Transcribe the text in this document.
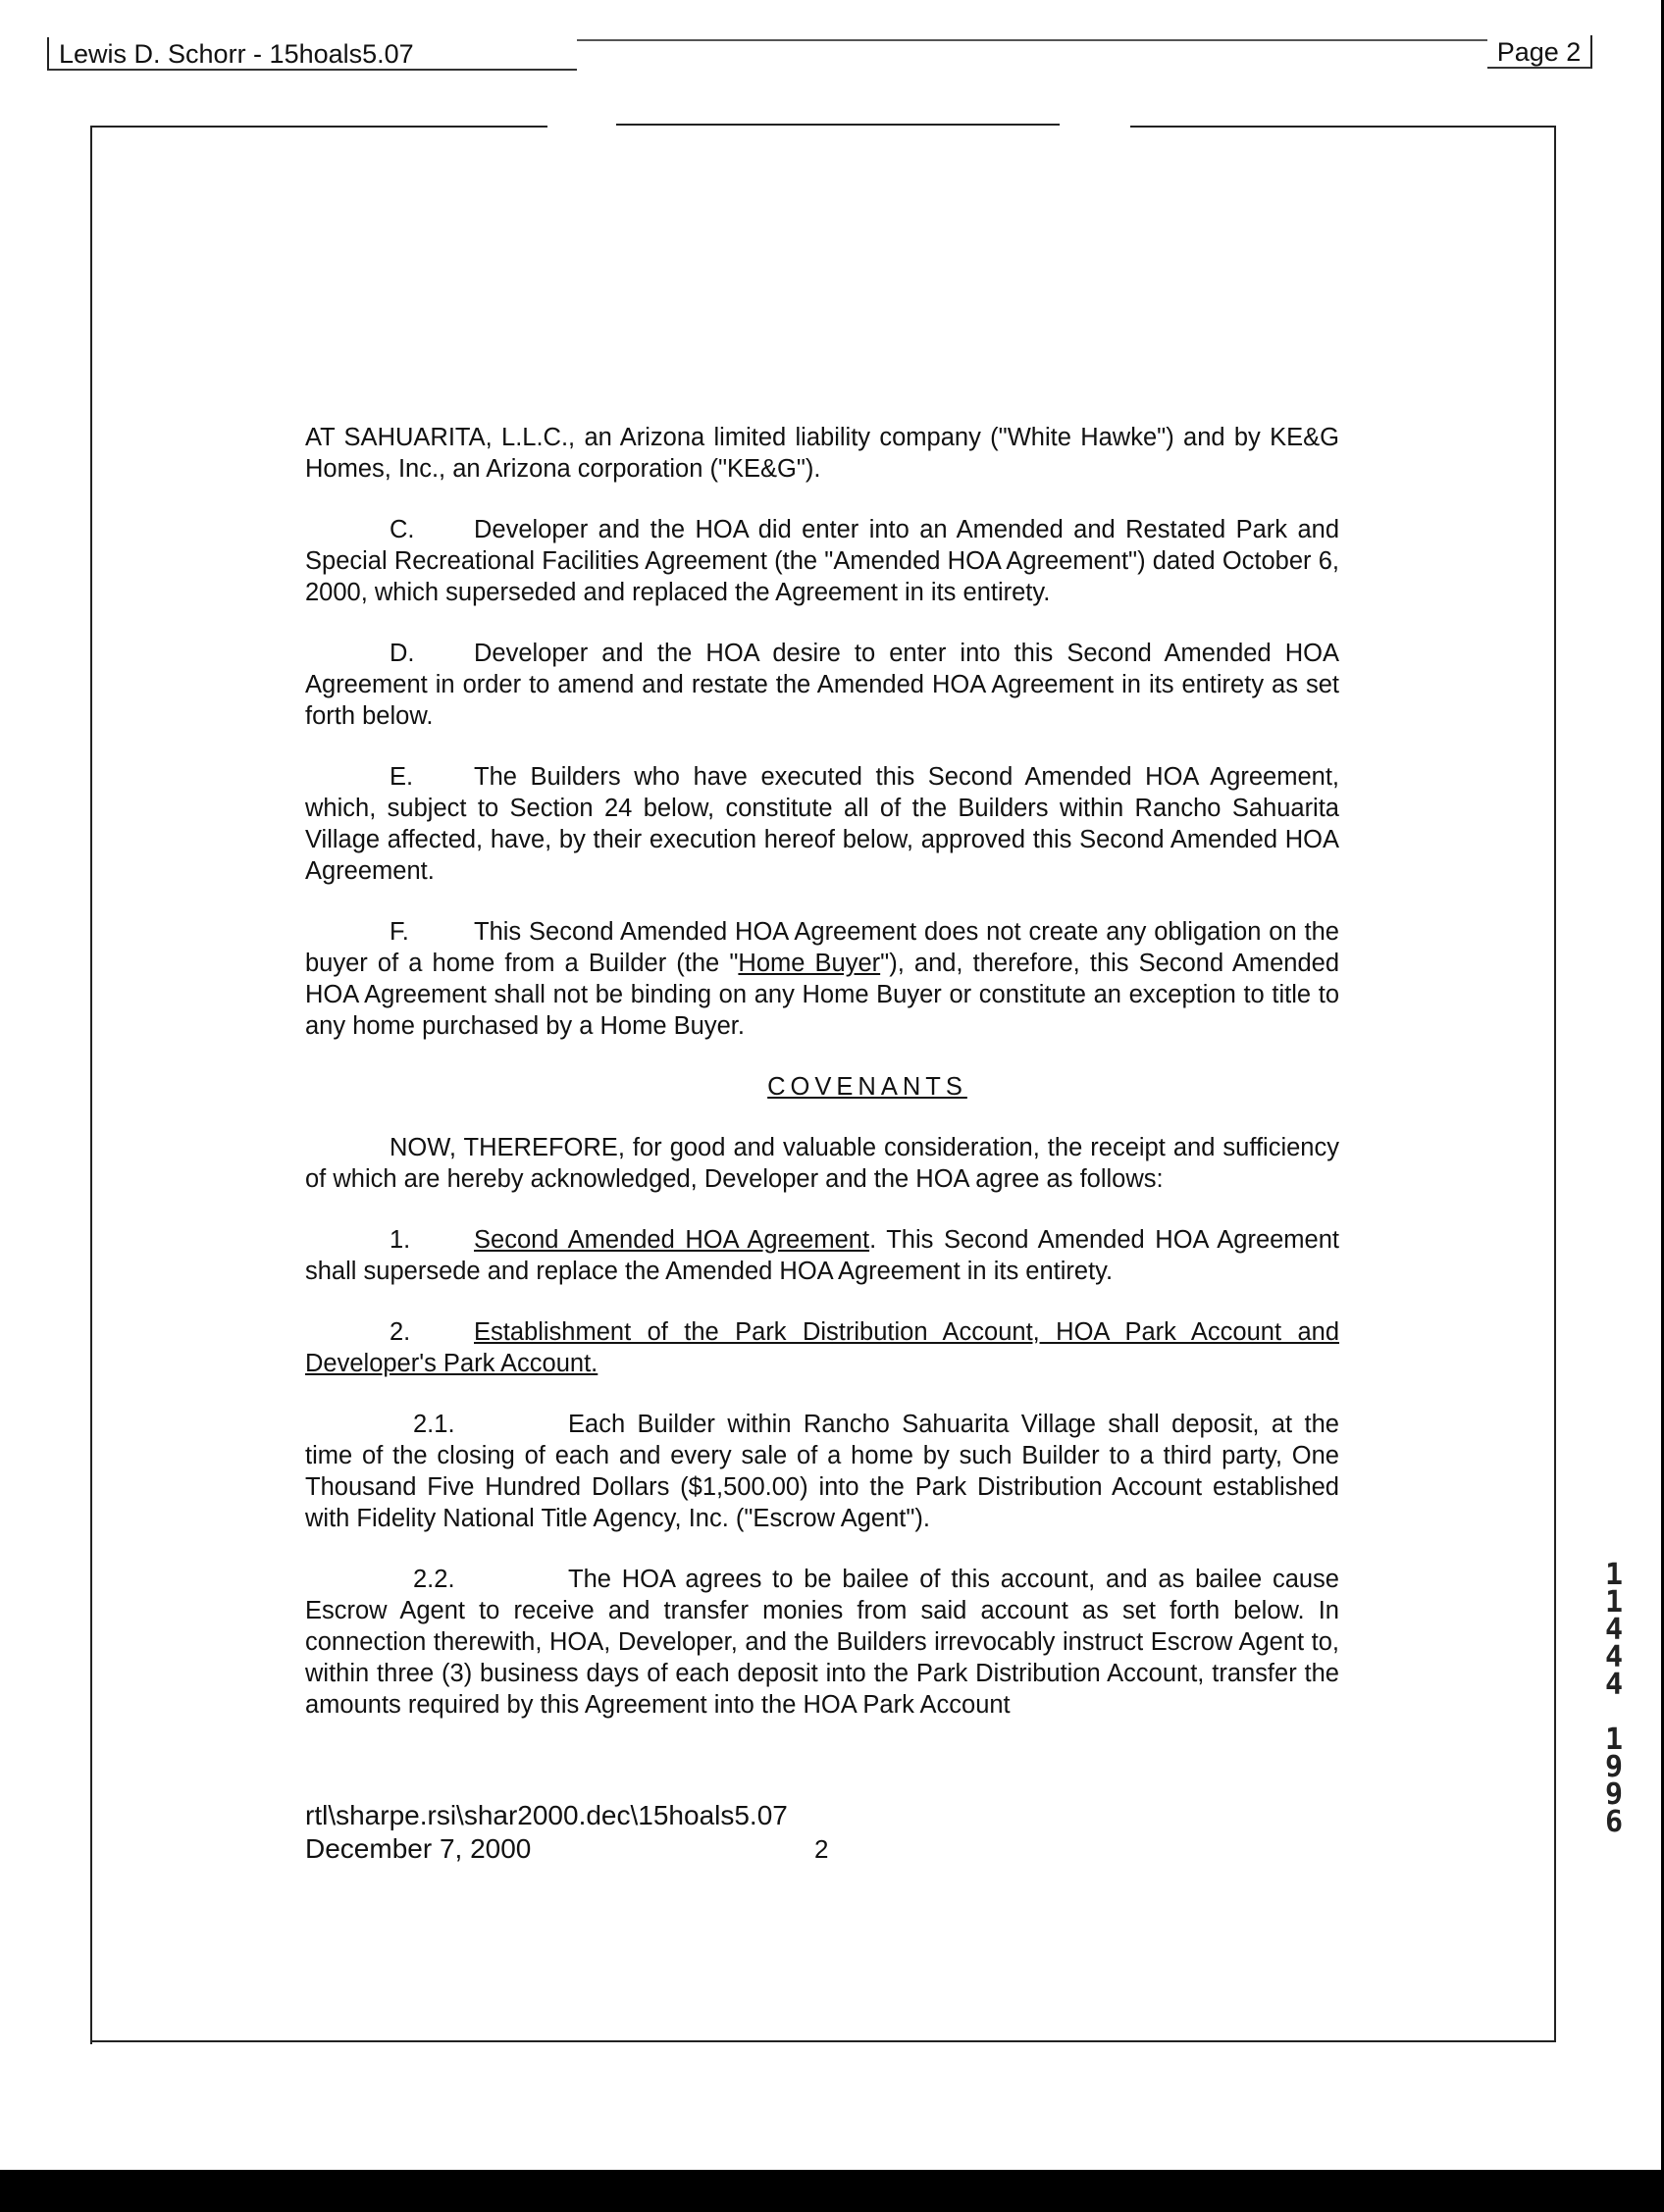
Lewis D. Schorr - 15hoals5.07	Page 2

AT SAHUARITA, L.L.C., an Arizona limited liability company ("White Hawke") and by KE&G Homes, Inc., an Arizona corporation ("KE&G").

C. Developer and the HOA did enter into an Amended and Restated Park and Special Recreational Facilities Agreement (the "Amended HOA Agreement") dated October 6, 2000, which superseded and replaced the Agreement in its entirety.

D. Developer and the HOA desire to enter into this Second Amended HOA Agreement in order to amend and restate the Amended HOA Agreement in its entirety as set forth below.

E. The Builders who have executed this Second Amended HOA Agreement, which, subject to Section 24 below, constitute all of the Builders within Rancho Sahuarita Village affected, have, by their execution hereof below, approved this Second Amended HOA Agreement.

F.	This Second Amended HOA Agreement does not create any obligation on the buyer of a home from a Builder (the "Home Buyer"), and, therefore, this Second Amended HOA Agreement shall not be binding on any Home Buyer or constitute an exception to title to any home purchased by a Home Buyer.

COVENANTS

NOW, THEREFORE, for good and valuable consideration, the receipt and sufficiency of which are hereby acknowledged, Developer and the HOA agree as follows:

1.	Second Amended HOA Agreement. This Second Amended HOA Agreement shall supersede and replace the Amended HOA Agreement in its entirety.

2.	Establishment of the Park Distribution Account, HOA Park Account and Developer's Park Account.

2.1.	Each Builder within Rancho Sahuarita Village shall deposit, at the time of the closing of each and every sale of a home by such Builder to a third party, One Thousand Five Hundred Dollars ($1,500.00) into the Park Distribution Account established with Fidelity National Title Agency, Inc. ("Escrow Agent").

2.2.	The HOA agrees to be bailee of this account, and as bailee cause Escrow Agent to receive and transfer monies from said account as set forth below. In connection therewith, HOA, Developer, and the Builders irrevocably instruct Escrow Agent to, within three (3) business days of each deposit into the Park Distribution Account, transfer the amounts required by this Agreement into the HOA Park Account

rtl\sharpe.rsi\shar2000.dec\15hoals5.07
December 7, 2000	2
1
1
4
4
4
1
9
9
6
